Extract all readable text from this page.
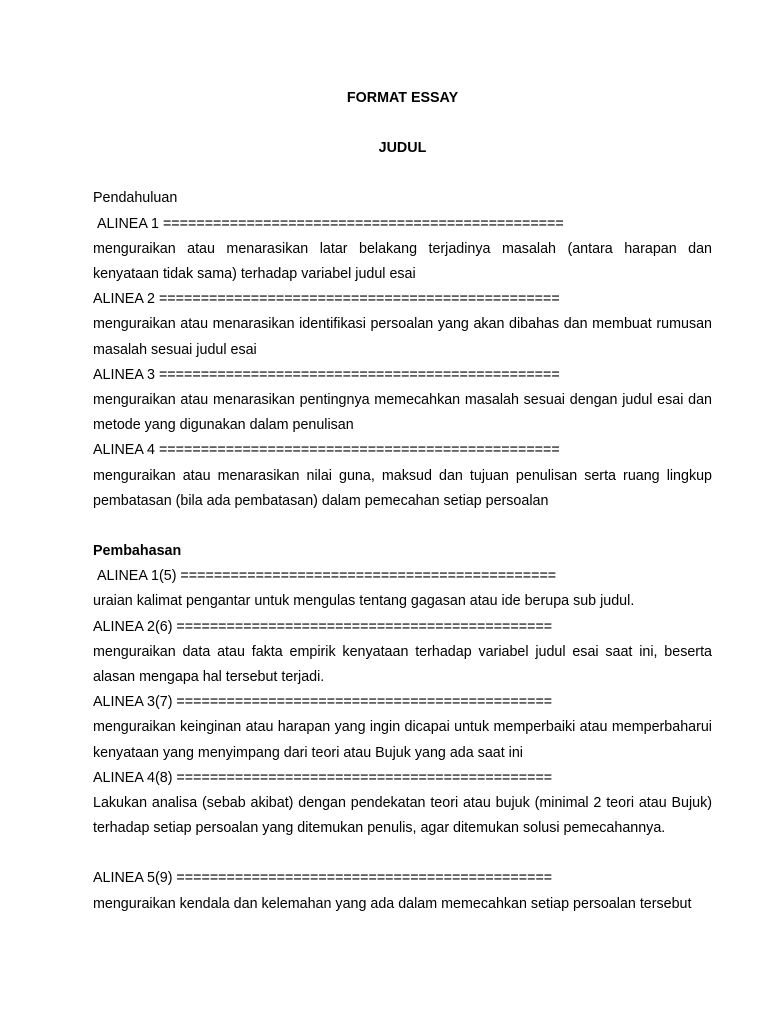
FORMAT ESSAY

JUDUL

Pendahuluan

ALINEA 1 ================================================

menguraikan atau menarasikan latar belakang terjadinya masalah (antara harapan dan kenyataan tidak sama) terhadap variabel judul esai

ALINEA 2 ================================================

menguraikan atau menarasikan identifikasi persoalan yang akan dibahas dan membuat rumusan masalah sesuai judul esai

ALINEA 3 ================================================

menguraikan atau menarasikan pentingnya memecahkan masalah sesuai dengan judul esai dan metode yang digunakan dalam penulisan

ALINEA 4 ================================================

menguraikan atau menarasikan nilai guna, maksud dan tujuan penulisan serta ruang lingkup pembatasan (bila ada pembatasan) dalam pemecahan setiap persoalan

Pembahasan

ALINEA 1(5) =============================================

uraian kalimat pengantar untuk mengulas tentang gagasan atau ide berupa sub judul.

ALINEA 2(6) =============================================

menguraikan data atau fakta empirik kenyataan terhadap variabel judul esai saat ini, beserta alasan mengapa hal tersebut terjadi.

ALINEA 3(7) =============================================

menguraikan keinginan atau harapan yang ingin dicapai untuk memperbaiki atau memperbaharui kenyataan yang menyimpang dari teori atau Bujuk yang ada saat ini

ALINEA 4(8) =============================================

Lakukan analisa (sebab akibat) dengan pendekatan teori atau bujuk (minimal 2 teori atau Bujuk) terhadap setiap persoalan yang ditemukan penulis, agar ditemukan solusi pemecahannya.

ALINEA 5(9) =============================================

menguraikan kendala dan kelemahan yang ada dalam memecahkan setiap persoalan tersebut
